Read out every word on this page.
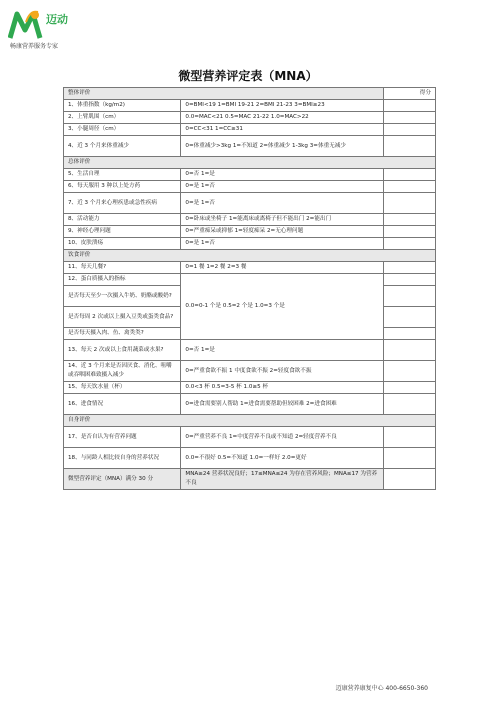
迈动
畅康营养服务专家
微型营养评定表（MNA）
整体评价		得分
1、体重指数（kg/m2)	0=BMI<19 1=BMI 19-21 2=BMI 21-23 3=BMI≥23	
2、上臂肌围（cm）	0.0=MAC<21 0.5=MAC 21-22 1.0=MAC>22	
3、小腿周径（cm）	0=CC<31 1=CC≥31	
4、近 3 个月来体重减少	0=体重减少>3kg 1=不知道 2=体重减少 1-3kg 3=体重无减少	
总体评价		
5、生活自理	0=否 1=是	
6、每天服用 3 种以上处方药	0=是 1=否	
7、近 3 个月来心理疾患或急性疾病	0=是 1=否	
8、活动能力	0=卧床或坐椅子 1=能离床或离椅子但不能出门 2=能出门	
9、神经心理问题	0=严重痴呆或抑郁 1=轻度痴呆 2=无心理问题	
10、皮肤溃疡	0=是 1=否	
饮食评价		
11、每天几餐?	0=1 餐 1=2 餐 2=3 餐	
12、蛋白质摄入的指标	0.0=0-1 个是 0.5=2 个是 1.0=3 个是	
是否每天至少一次摄入牛奶、奶酪或酸奶?		
是否每周 2 次或以上摄入豆类或蛋类食品?		
是否每天摄入肉、鱼、禽类类?		
13、每天 2 次或以上食用蔬菜或水果?	0=否 1=是	
14、近 3 个月来是否因厌食、消化、咀嚼或吞咽困难致摄入减少	0=严重食欲不振 1 中度食欲不振 2=轻度食欲不振	
15、每天饮水量（杯）	0.0<3 杯 0.5=3-5 杯 1.0≥5 杯	
16、进食情况	0=进食需要别人帮助 1=进食需要帮助但较困难 2=进食困难	
自身评价		
17、是否自认为有营养问题	0=严重营养不良 1=中度营养不良或不知道 2=轻度营养不良	
18、与同龄人相比较自身的营养状况	0.0=不很好 0.5=不知道 1.0=一样好 2.0=更好	
微型营养评定（MNA）满分 30 分	MNA≥24 营养状况良好；17≤MNA≤24 为存在营养风险；MNA≤17 为营养不良	
迈康营养康复中心 400-6650-360
